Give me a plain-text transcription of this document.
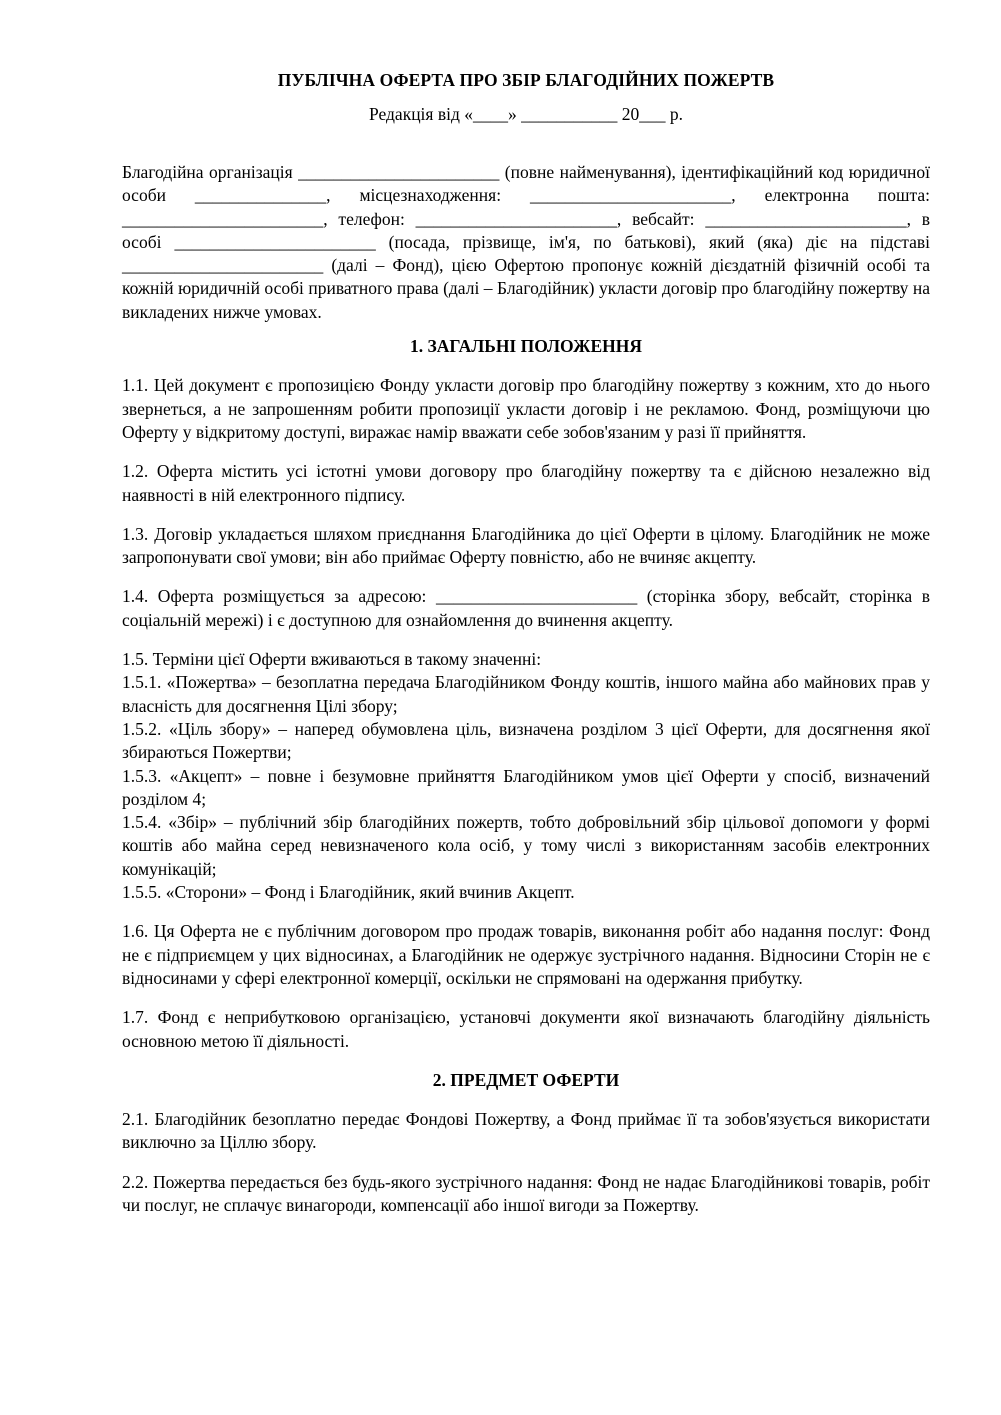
ПУБЛІЧНА ОФЕРТА ПРО ЗБІР БЛАГОДІЙНИХ ПОЖЕРТВ
Редакція від «____» ___________ 20___ р.

Благодійна організація _______________________ (повне найменування), ідентифікаційний код юридичної особи _______________, місцезнаходження: _______________________, електронна пошта: _______________________, телефон: _______________________, вебсайт: _______________________, в особі _______________________ (посада, прізвище, ім'я, по батькові), який (яка) діє на підставі _______________________ (далі – Фонд), цією Офертою пропонує кожній дієздатній фізичній особі та кожній юридичній особі приватного права (далі – Благодійник) укласти договір про благодійну пожертву на викладених нижче умовах.

1. ЗАГАЛЬНІ ПОЛОЖЕННЯ

1.1. Цей документ є пропозицією Фонду укласти договір про благодійну пожертву з кожним, хто до нього звернеться, а не запрошенням робити пропозиції укласти договір і не рекламою. Фонд, розміщуючи цю Оферту у відкритому доступі, виражає намір вважати себе зобов'язаним у разі її прийняття.

1.2. Оферта містить усі істотні умови договору про благодійну пожертву та є дійсною незалежно від наявності в ній електронного підпису.

1.3. Договір укладається шляхом приєднання Благодійника до цієї Оферти в цілому. Благодійник не може запропонувати свої умови; він або приймає Оферту повністю, або не вчиняє акцепту.

1.4. Оферта розміщується за адресою: _______________________ (сторінка збору, вебсайт, сторінка в соціальній мережі) і є доступною для ознайомлення до вчинення акцепту.

1.5. Терміни цієї Оферти вживаються в такому значенні:

1.5.1. «Пожертва» – безоплатна передача Благодійником Фонду коштів, іншого майна або майнових прав у власність для досягнення Цілі збору;

1.5.2. «Ціль збору» – наперед обумовлена ціль, визначена розділом 3 цієї Оферти, для досягнення якої збираються Пожертви;

1.5.3. «Акцепт» – повне і безумовне прийняття Благодійником умов цієї Оферти у спосіб, визначений розділом 4;

1.5.4. «Збір» – публічний збір благодійних пожертв, тобто добровільний збір цільової допомоги у формі коштів або майна серед невизначеного кола осіб, у тому числі з використанням засобів електронних комунікацій;

1.5.5. «Сторони» – Фонд і Благодійник, який вчинив Акцепт.

1.6. Ця Оферта не є публічним договором про продаж товарів, виконання робіт або надання послуг: Фонд не є підприємцем у цих відносинах, а Благодійник не одержує зустрічного надання. Відносини Сторін не є відносинами у сфері електронної комерції, оскільки не спрямовані на одержання прибутку.

1.7. Фонд є неприбутковою організацією, установчі документи якої визначають благодійну діяльність основною метою її діяльності.

2. ПРЕДМЕТ ОФЕРТИ

2.1. Благодійник безоплатно передає Фондові Пожертву, а Фонд приймає її та зобов'язується використати виключно за Ціллю збору.

2.2. Пожертва передається без будь-якого зустрічного надання: Фонд не надає Благодійникові товарів, робіт чи послуг, не сплачує винагороди, компенсації або іншої вигоди за Пожертву.
